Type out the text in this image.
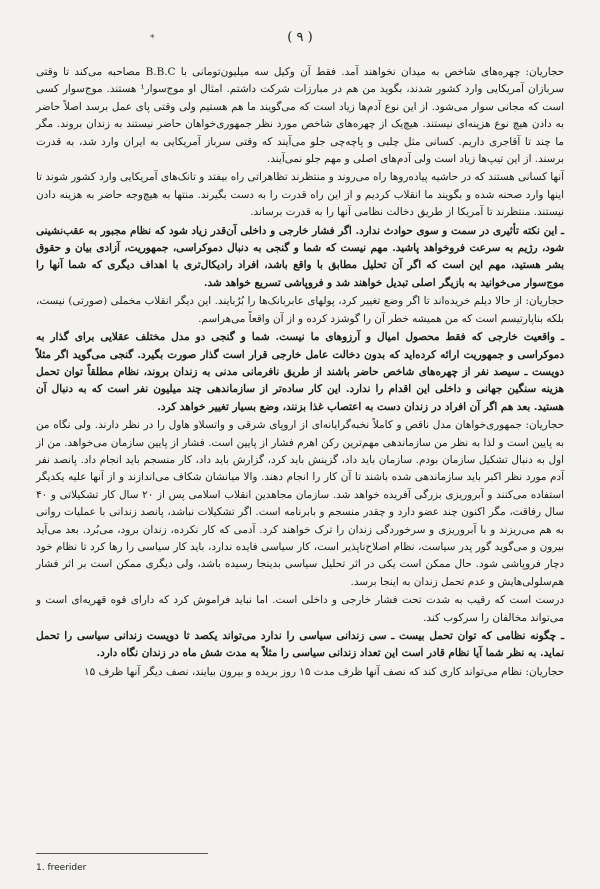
( ۹ )
*

حجاریان: چهره‌های شاخص به میدان نخواهند آمد. فقط آن وکیل سه میلیون‌تومانی با B.B.C مصاحبه می‌کند تا وقتی سربازان آمریکایی وارد کشور شدند، بگوید من هم در مبارزات شرکت داشتم. امثال او موج‌سوار¹ هستند. موج‌سوار کسی است که مجانی سوار می‌شود. از این نوع آدم‌ها زیاد است که می‌گویند ما هم هستیم ولی وقتی پای عمل برسد اصلاً حاضر به دادن هیچ نوع هزینه‌ای نیستند. هیچ‌یک از چهره‌های شاخص مورد نظر جمهوری‌خواهان حاضر نیستند به زندان بروند. مگر ما چند تا آقاجری داریم. کسانی مثل چلبی و پاچه‌چی جلو می‌آیند که وقتی سرباز آمریکایی به ایران وارد شد، به قدرت برسند. از این تیپ‌ها زیاد است ولی آدم‌های اصلی و مهم جلو نمی‌آیند.

آنها کسانی هستند که در حاشیه پیاده‌روها راه می‌روند و منتظرند تظاهراتی راه بیفتد و تانک‌های آمریکایی وارد کشور شوند تا اینها وارد صحنه شده و بگویند ما انقلاب کردیم و از این راه قدرت را به دست بگیرند. منتها به هیچ‌وجه حاضر به هزینه دادن نیستند. منتظرند تا آمریکا از طریق دخالت نظامی آنها را به قدرت برساند.

ـ این نکته تأثیری در سمت و سوی حوادث ندارد. اگر فشار خارجی و داخلی آن‌قدر زیاد شود که نظام مجبور به عقب‌نشینی شود، رژیم به سرعت فروخواهد پاشید. مهم نیست که شما و گنجی به دنبال دموکراسی، جمهوریت، آزادی بیان و حقوق بشر هستید، مهم این است که اگر آن تحلیل مطابق با واقع باشد، افراد رادیکال‌تری با اهداف دیگری که شما آنها را موج‌سوار می‌خوانید به بازیگر اصلی تبدیل خواهند شد و فروپاشی تسریع خواهد شد.

حجاریان: از حالا دیلم خریده‌اند تا اگر وضع تغییر کرد، پولهای عابربانک‌ها را بُرُبایند. این دیگر انقلاب مخملی (صورتی) نیست، بلکه بناپارتیسم است که من همیشه خطر آن را گوشزد کرده و از آن واقعاً می‌هراسم.

ـ واقعیت خارجی که فقط محصول امیال و آرزوهای ما نیست. شما و گنجی دو مدل مختلف عقلایی برای گذار به دموکراسی و جمهوریت ارائه کرده‌اید که بدون دخالت عامل خارجی قرار است گذار صورت بگیرد. گنجی می‌گوید اگر مثلاً دویست ـ سیصد نفر از چهره‌های شاخص حاضر باشند از طریق نافرمانی مدنی به زندان بروند، نظام مطلقاً توان تحمل هزینه سنگین جهانی و داخلی این اقدام را ندارد. این کار ساده‌تر از سازماندهی چند میلیون نفر است که به دنبال آن هستید. بعد هم اگر آن افراد در زندان دست به اعتصاب غذا بزنند، وضع بسیار تغییر خواهد کرد.

حجاریان: جمهوری‌خواهان مدل ناقص و کاملاً نخبه‌گرایانه‌ای از اروپای شرقی و واتسلاو هاول را در نظر دارند. ولی نگاه من به پایین است و لذا به نظر من سازماندهی مهم‌ترین رکن اهرم فشار از پایین است. فشار از پایین سازمان می‌خواهد. من از اول به دنبال تشکیل سازمان بودم. سازمان باید داد، گزینش باید کرد، گزارش باید داد، کار منسجم باید انجام داد. پانصد نفر آدم مورد نظر اکبر باید سازماندهی شده باشند تا آن کار را انجام دهند. والا میانشان شکاف می‌اندازند و از آنها علیه یکدیگر استفاده می‌کنند و آبروریزی بزرگی آفریده خواهد شد. سازمان مجاهدین انقلاب اسلامی پس از ۲۰ سال کار تشکیلاتی و ۴۰ سال رفاقت، مگر اکنون چند عضو دارد و چقدر منسجم و بابرنامه است. اگر تشکیلات نباشد، پانصد زندانی با عملیات روانی به هم می‌ریزند و با آبروریزی و سرخوردگی زندان را ترک خواهند کرد. آدمی که کار نکرده، زندان برود، می‌بُرد. بعد می‌آید بیرون و می‌گوید گور پدر سیاست، نظام اصلاح‌ناپذیر است، کار سیاسی فایده ندارد، باید کار سیاسی را رها کرد تا نظام خود دچار فروپاشی شود. حال ممکن است یکی در اثر تحلیل سیاسی بدینجا رسیده باشد، ولی دیگری ممکن است بر اثر فشار هم‌سلولی‌هایش و عدم تحمل زندان به اینجا برسد.

درست است که رقیب به شدت تحت فشار خارجی و داخلی است. اما نباید فراموش کرد که دارای قوه قهریه‌ای است و می‌تواند مخالفان را سرکوب کند.

ـ چگونه نظامی که توان تحمل بیست ـ سی زندانی سیاسی را ندارد می‌تواند یکصد تا دویست زندانی سیاسی را تحمل نماید. به نظر شما آیا نظام قادر است این تعداد زندانی سیاسی را مثلاً به مدت شش ماه در زندان نگاه دارد.

حجاریان: نظام می‌تواند کاری کند که نصف آنها ظرف مدت ۱۵ روز بریده و بیرون بیایند، نصف دیگر آنها ظرف ۱۵

1. freerider
